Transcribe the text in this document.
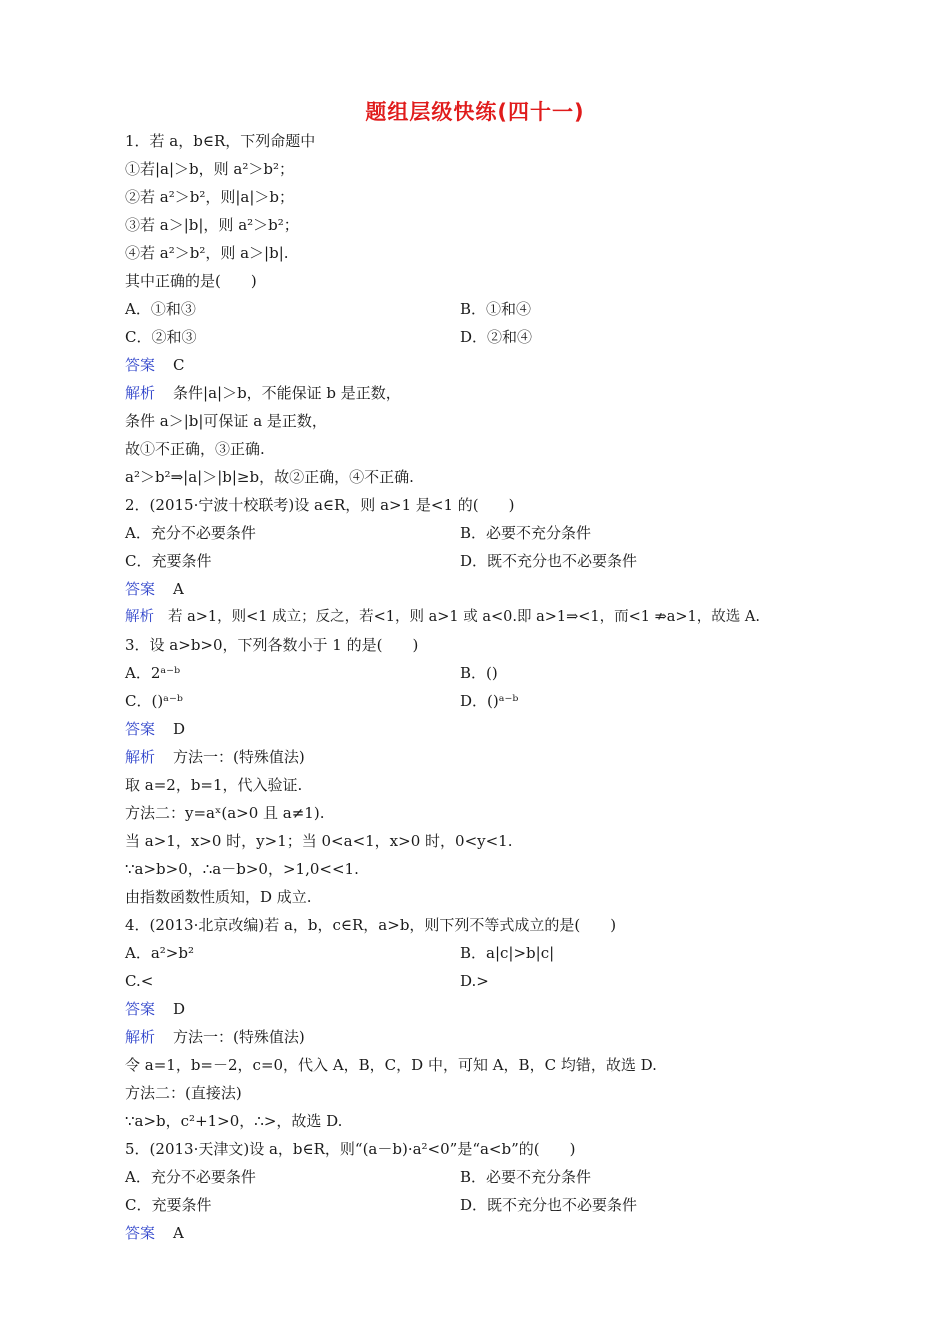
题组层级快练(四十一)
1．若 a，b∈R，下列命题中
①若|a|＞b，则 a²＞b²；
②若 a²＞b²，则|a|＞b；
③若 a＞|b|，则 a²＞b²；
④若 a²＞b²，则 a＞|b|.
其中正确的是(　　)
A．①和③	B．①和④
C．②和③	D．②和④
答案 C
解析 条件|a|＞b，不能保证 b 是正数，
条件 a＞|b|可保证 a 是正数，
故①不正确，③正确.
a²＞b²⇒|a|＞|b|≥b，故②正确，④不正确.
2．(2015·宁波十校联考)设 a∈R，则 a>1 是<1 的(　　)
A．充分不必要条件	B．必要不充分条件
C．充要条件	D．既不充分也不必要条件
答案 A
解析 若 a>1，则<1 成立；反之，若<1，则 a>1 或 a<0.即 a>1⇒<1，而<1 ⇏a>1，故选 A.
3．设 a>b>0，下列各数小于 1 的是(　　)
A．2ᵃ⁻ᵇ	B．()
C．()ᵃ⁻ᵇ	D．()ᵃ⁻ᵇ
答案 D
解析 方法一：(特殊值法)
取 a=2，b=1，代入验证.
方法二：y=aˣ(a>0 且 a≠1).
当 a>1，x>0 时，y>1；当 0<a<1，x>0 时，0<y<1.
∵a>b>0，∴a－b>0，>1,0<<1.
由指数函数性质知，D 成立.
4．(2013·北京改编)若 a，b，c∈R，a>b，则下列不等式成立的是(　　)
A．a²>b²	B．a|c|>b|c|
C.<	D.>
答案 D
解析 方法一：(特殊值法)
令 a=1，b=－2，c=0，代入 A，B，C，D 中，可知 A，B，C 均错，故选 D.
方法二：(直接法)
∵a>b，c²+1>0，∴>，故选 D.
5．(2013·天津文)设 a，b∈R，则“(a－b)·a²<0”是“a<b”的(　　)
A．充分不必要条件	B．必要不充分条件
C．充要条件	D．既不充分也不必要条件
答案 A
